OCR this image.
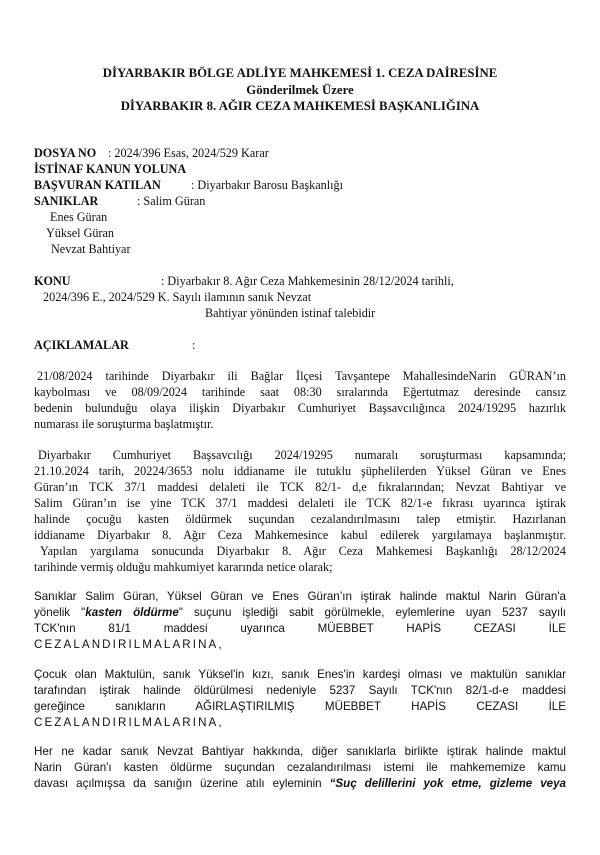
DİYARBAKIR BÖLGE ADLİYE MAHKEMESİ 1. CEZA DAİRESİNE
Gönderilmek Üzere
DİYARBAKIR 8. AĞIR CEZA MAHKEMESİ BAŞKANLIĞINA
DOSYA NO : 2024/396 Esas, 2024/529 Karar
İSTİNAF KANUN YOLUNA
BAŞVURAN KATILAN : Diyarbakır Barosu Başkanlığı
SANIKLAR	: Salim Güran
Enes Güran
Yüksel Güran
Nevzat Bahtiyar
KONU	: Diyarbakır 8. Ağır Ceza Mahkemesinin 28/12/2024 tarihli,
2024/396 E., 2024/529 K. Sayılı ilamının sanık Nevzat
Bahtiyar yönünden istinaf talebidir
AÇIKLAMALAR	:
21/08/2024 tarihinde Diyarbakır ili Bağlar İlçesi Tavşantepe MahallesindeNarin GÜRAN’ın
kaybolması ve 08/09/2024 tarihinde saat 08:30 sıralarında Eğertutmaz deresinde cansız
bedenin bulunduğu olaya ilişkin Diyarbakır Cumhuriyet Başsavcılığınca 2024/19295 hazırlık
numarası ile soruşturma başlatmıştır.
Diyarbakır Cumhuriyet Başsavcılığı 2024/19295 numaralı soruşturması kapsamında;
21.10.2024 tarih, 20224/3653 nolu iddianame ile tutuklu şüphelilerden Yüksel Güran ve Enes
Güran’ın TCK 37/1 maddesi delaleti ile TCK 82/1- d,e fıkralarından; Nevzat Bahtiyar ve
Salim Güran’ın ise yine TCK 37/1 maddesi delaleti ile TCK 82/1-e fıkrası uyarınca iştirak
halinde çocuğu kasten öldürmek suçundan cezalandırılmasını talep etmiştir. Hazırlanan
iddianame Diyarbakır 8. Ağır Ceza Mahkemesince kabul edilerek yargılamaya başlanmıştır.
Yapılan yargılama sonucunda Diyarbakır 8. Ağır Ceza Mahkemesi Başkanlığı 28/12/2024
tarihinde vermiş olduğu mahkumiyet kararında netice olarak;
Sanıklar Salim Güran, Yüksel Güran ve Enes Güran’ın iştirak halinde maktul Narin Güran'a
yönelik "kasten öldürme" suçunu işlediği sabit görülmekle, eylemlerine uyan 5237 sayılı
TCK'nın 81/1 maddesi uyarınca MÜEBBET HAPİS CEZASI İLE
CEZALANDIRILMALARINA,
Çocuk olan Maktulün, sanık Yüksel'in kızı, sanık Enes'in kardeşi olması ve maktulün sanıklar
tarafından iştirak halinde öldürülmesi nedeniyle 5237 Sayılı TCK'nın 82/1-d-e maddesi
gereğince sanıkların AĞIRLAŞTIRILMIŞ MÜEBBET HAPİS CEZASI İLE
CEZALANDIRILMALARINA,
Her ne kadar sanık Nevzat Bahtiyar hakkında, diğer sanıklarla birlikte iştirak halinde maktul
Narin Güran'ı kasten öldürme suçundan cezalandırılması istemi ile mahkememize kamu
davası açılmışsa da sanığın üzerine atılı eyleminin “Suç delillerini yok etme, gizleme veya
